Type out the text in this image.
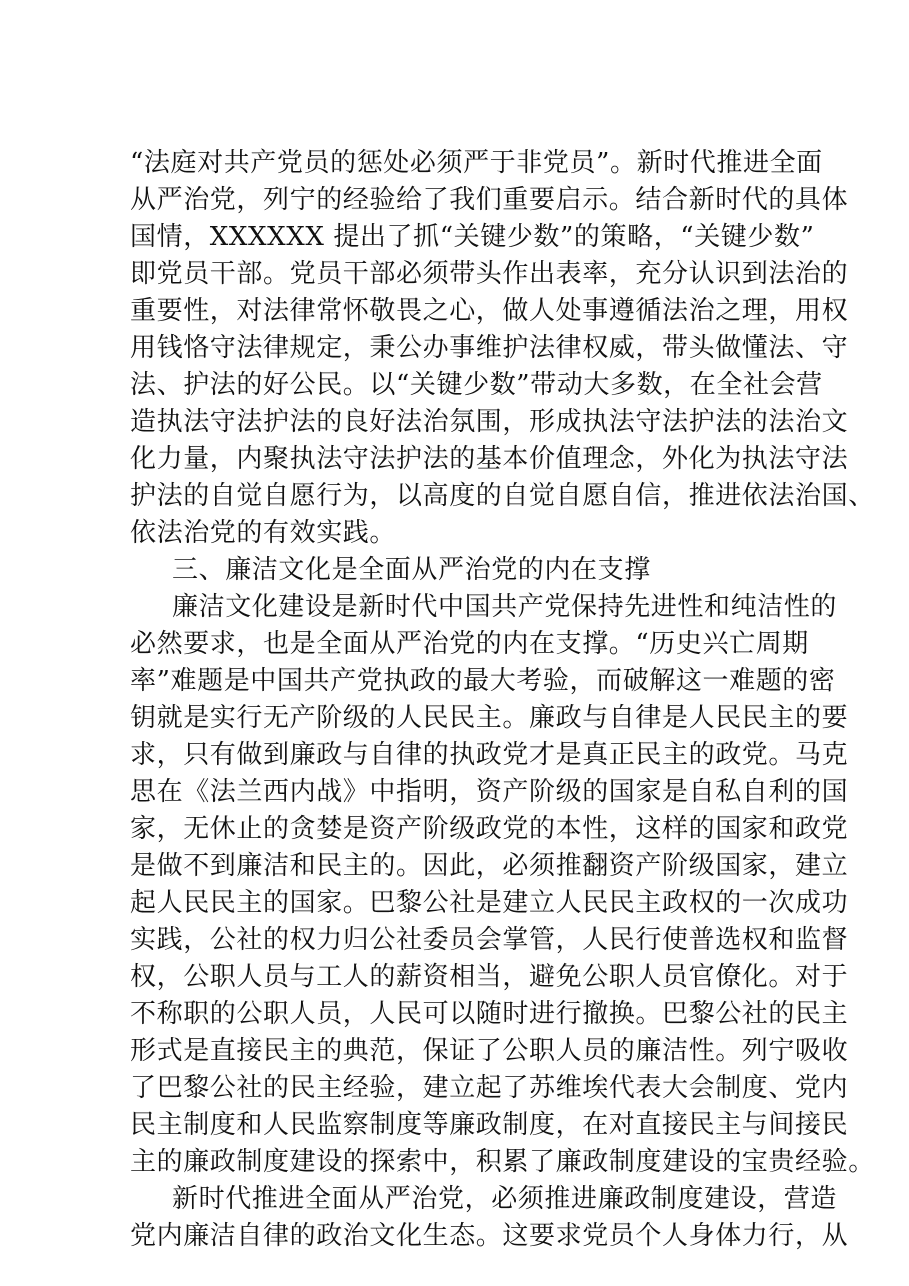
“法庭对共产党员的惩处必须严于非党员”。新时代推进全面
从严治党，列宁的经验给了我们重要启示。结合新时代的具体
国情，XXXXXX 提出了抓“关键少数”的策略，“关键少数”
即党员干部。党员干部必须带头作出表率，充分认识到法治的
重要性，对法律常怀敬畏之心，做人处事遵循法治之理，用权
用钱恪守法律规定，秉公办事维护法律权威，带头做懂法、守
法、护法的好公民。以“关键少数”带动大多数，在全社会营
造执法守法护法的良好法治氛围，形成执法守法护法的法治文
化力量，内聚执法守法护法的基本价值理念，外化为执法守法
护法的自觉自愿行为，以高度的自觉自愿自信，推进依法治国、
依法治党的有效实践。
三、廉洁文化是全面从严治党的内在支撑
廉洁文化建设是新时代中国共产党保持先进性和纯洁性的
必然要求，也是全面从严治党的内在支撑。“历史兴亡周期
率”难题是中国共产党执政的最大考验，而破解这一难题的密
钥就是实行无产阶级的人民民主。廉政与自律是人民民主的要
求，只有做到廉政与自律的执政党才是真正民主的政党。马克
思在《法兰西内战》中指明，资产阶级的国家是自私自利的国
家，无休止的贪婪是资产阶级政党的本性，这样的国家和政党
是做不到廉洁和民主的。因此，必须推翻资产阶级国家，建立
起人民民主的国家。巴黎公社是建立人民民主政权的一次成功
实践，公社的权力归公社委员会掌管，人民行使普选权和监督
权，公职人员与工人的薪资相当，避免公职人员官僚化。对于
不称职的公职人员，人民可以随时进行撤换。巴黎公社的民主
形式是直接民主的典范，保证了公职人员的廉洁性。列宁吸收
了巴黎公社的民主经验，建立起了苏维埃代表大会制度、党内
民主制度和人民监察制度等廉政制度，在对直接民主与间接民
主的廉政制度建设的探索中，积累了廉政制度建设的宝贵经验。
新时代推进全面从严治党，必须推进廉政制度建设，营造
党内廉洁自律的政治文化生态。这要求党员个人身体力行，从
